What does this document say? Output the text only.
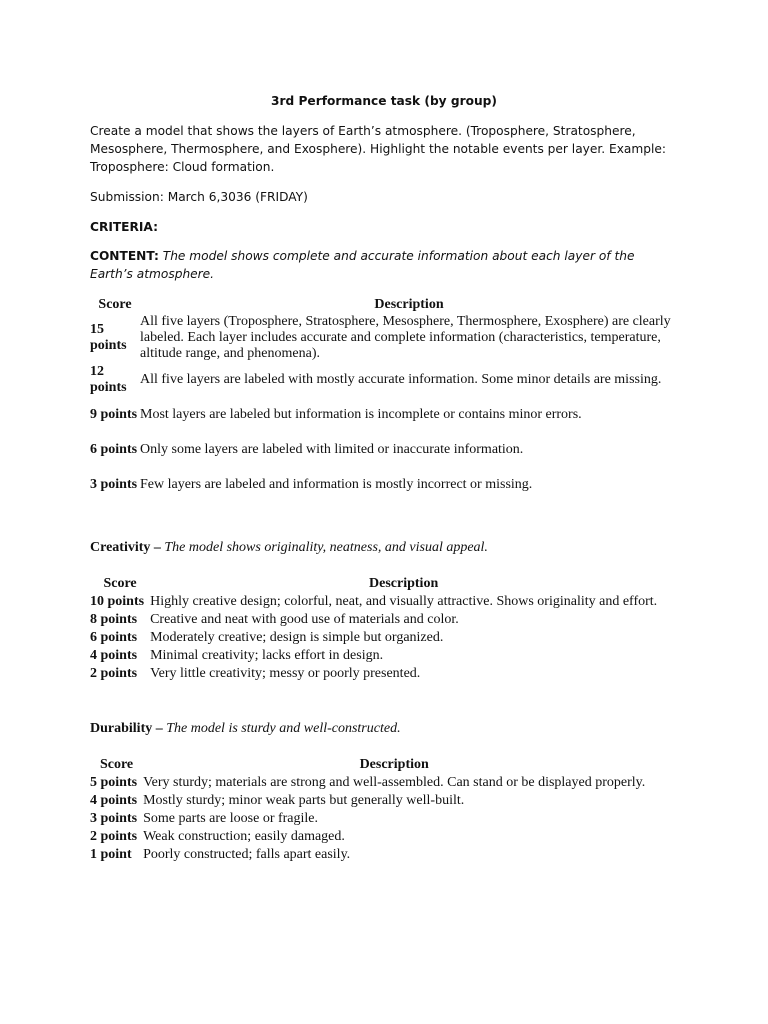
3rd Performance task (by group)
Create a model that shows the layers of Earth’s atmosphere. (Troposphere, Stratosphere, Mesosphere, Thermosphere, and Exosphere). Highlight the notable events per layer. Example: Troposphere: Cloud formation.
Submission: March 6,3036 (FRIDAY)
CRITERIA:
CONTENT: The model shows complete and accurate information about each layer of the Earth’s atmosphere.
Score	Description
15 points	All five layers (Troposphere, Stratosphere, Mesosphere, Thermosphere, Exosphere) are clearly labeled. Each layer includes accurate and complete information (characteristics, temperature, altitude range, and phenomena).
12 points	All five layers are labeled with mostly accurate information. Some minor details are missing.
9 points	Most layers are labeled but information is incomplete or contains minor errors.
6 points	Only some layers are labeled with limited or inaccurate information.
3 points	Few layers are labeled and information is mostly incorrect or missing.
Creativity – The model shows originality, neatness, and visual appeal.
Score	Description
10 points	Highly creative design; colorful, neat, and visually attractive. Shows originality and effort.
8 points	Creative and neat with good use of materials and color.
6 points	Moderately creative; design is simple but organized.
4 points	Minimal creativity; lacks effort in design.
2 points	Very little creativity; messy or poorly presented.
Durability – The model is sturdy and well-constructed.
Score	Description
5 points	Very sturdy; materials are strong and well-assembled. Can stand or be displayed properly.
4 points	Mostly sturdy; minor weak parts but generally well-built.
3 points	Some parts are loose or fragile.
2 points	Weak construction; easily damaged.
1 point	Poorly constructed; falls apart easily.
